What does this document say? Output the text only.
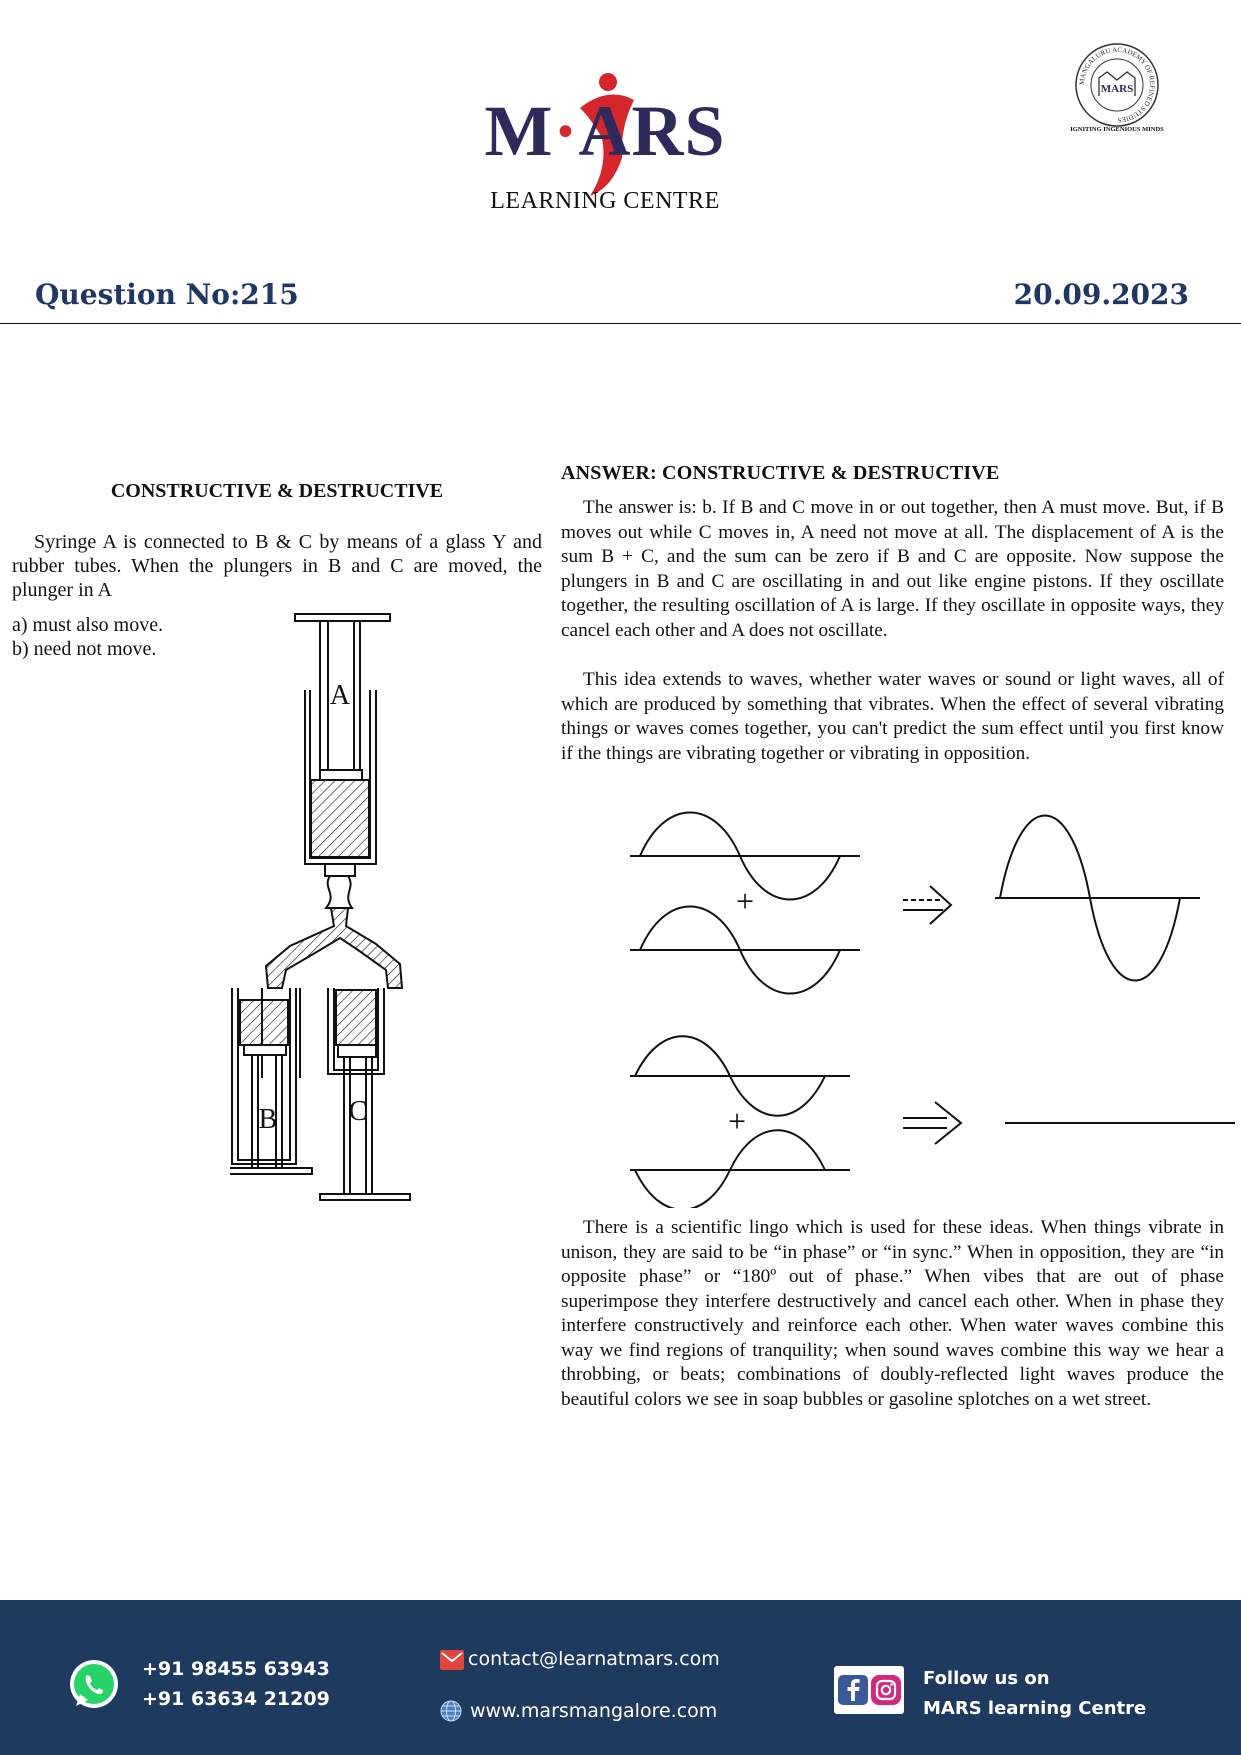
M·ARS
LEARNING CENTRE
MANGALURU ACADEMY OF REFINED STUDIES
MARS
IGNITING INGENIOUS MINDS
Question No:215	20.09.2023
CONSTRUCTIVE & DESTRUCTIVE
Syringe A is connected to B & C by means of a glass Y and rubber tubes. When the plungers in B and C are moved, the plunger in A
a) must also move.
b) need not move.
A
B	C
ANSWER: CONSTRUCTIVE & DESTRUCTIVE
The answer is: b. If B and C move in or out together, then A must move. But, if B moves out while C moves in, A need not move at all. The displacement of A is the sum B + C, and the sum can be zero if B and C are opposite. Now suppose the plungers in B and C are oscillating in and out like engine pistons. If they oscillate together, the resulting oscillation of A is large. If they oscillate in opposite ways, they cancel each other and A does not oscillate.
This idea extends to waves, whether water waves or sound or light waves, all of which are produced by something that vibrates. When the effect of several vibrating things or waves comes together, you can't predict the sum effect until you first know if the things are vibrating together or vibrating in opposition.
+
+
There is a scientific lingo which is used for these ideas. When things vibrate in unison, they are said to be “in phase” or “in sync.” When in opposition, they are “in opposite phase” or “180º out of phase.” When vibes that are out of phase superimpose they interfere destructively and cancel each other. When in phase they interfere constructively and reinforce each other. When water waves combine this way we find regions of tranquility; when sound waves combine this way we hear a throbbing, or beats; combinations of doubly-reflected light waves produce the beautiful colors we see in soap bubbles or gasoline splotches on a wet street.
+91 98455 63943
+91 63634 21209
contact@learnatmars.com
www.marsmangalore.com
Follow us on
MARS learning Centre
